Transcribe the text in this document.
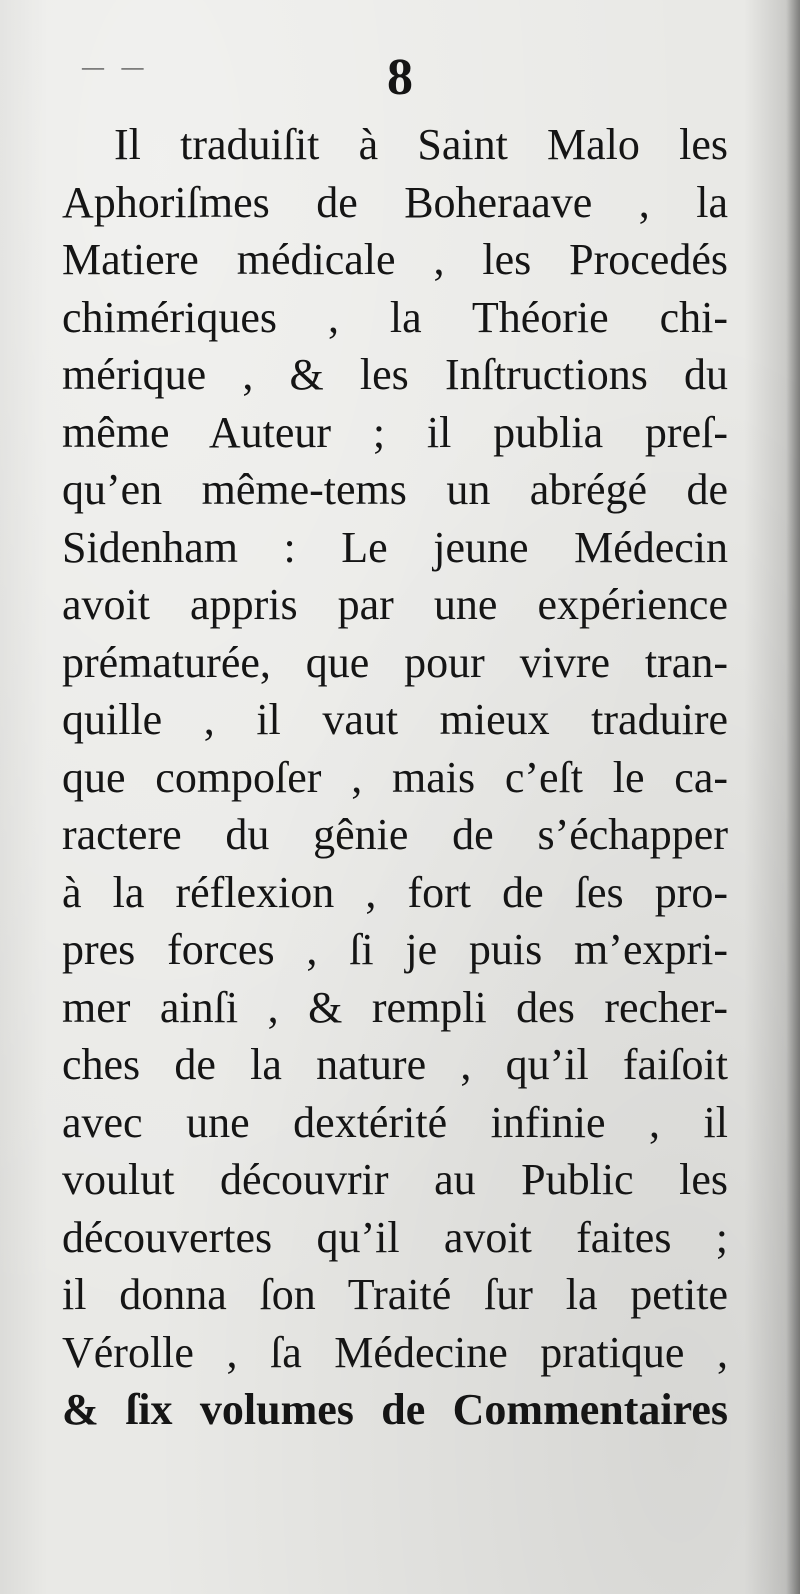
— —	8
Il traduiſit à Saint Malo les
Aphoriſmes de Boheraave , la
Matiere médicale , les Procedés
chimériques , la Théorie chi-
mérique , & les Inſtructions du
même Auteur ; il publia preſ-
qu’en même-tems un abrégé de
Sidenham : Le jeune Médecin
avoit appris par une expérience
prématurée, que pour vivre tran-
quille , il vaut mieux traduire
que compoſer , mais c’eſt le ca-
ractere du gênie de s’échapper
à la réflexion , fort de ſes pro-
pres forces , ſi je puis m’expri-
mer ainſi , & rempli des recher-
ches de la nature , qu’il faiſoit
avec une dextérité infinie , il
voulut découvrir au Public les
découvertes qu’il avoit faites ;
il donna ſon Traité ſur la petite
Vérolle , ſa Médecine pratique ,
& ſix volumes de Commentaires
